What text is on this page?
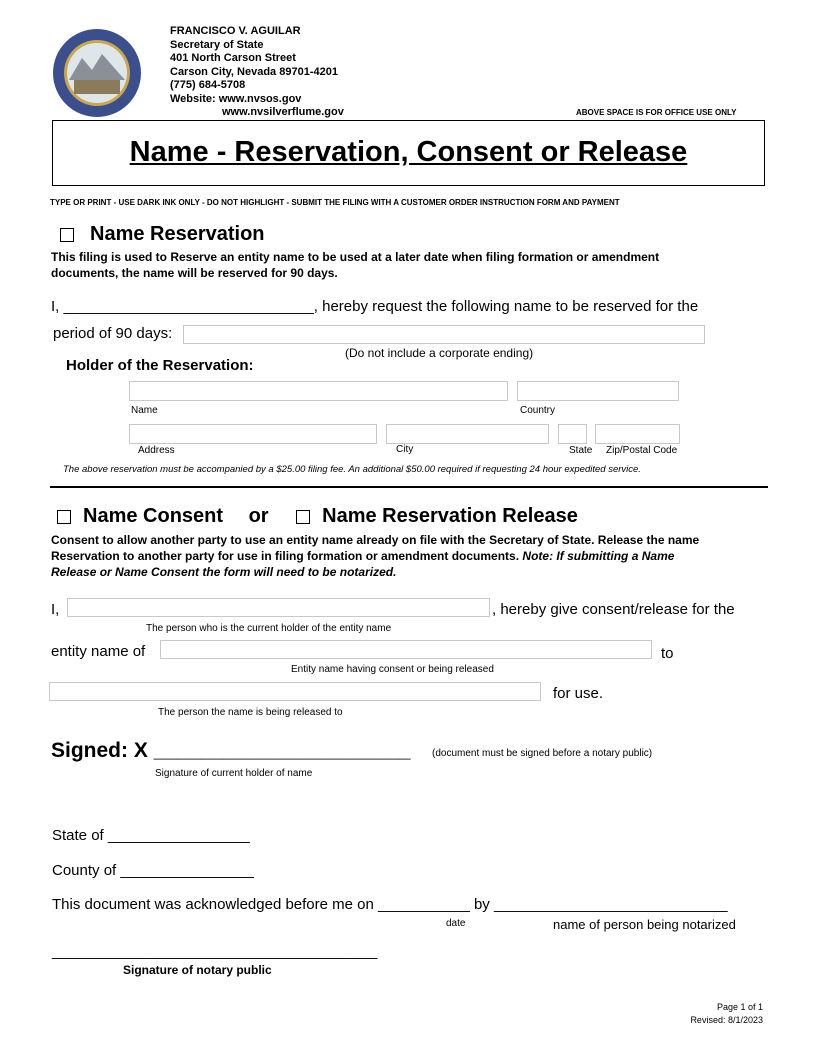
FRANCISCO V. AGUILAR
Secretary of State
401 North Carson Street
Carson City, Nevada 89701-4201
(775) 684-5708
Website: www.nvsos.gov
www.nvsilverflume.gov	ABOVE SPACE IS FOR OFFICE USE ONLY
Name - Reservation, Consent or Release
TYPE OR PRINT - USE DARK INK ONLY - DO NOT HIGHLIGHT - SUBMIT THE FILING WITH A CUSTOMER ORDER INSTRUCTION FORM AND PAYMENT
Name Reservation
This filing is used to Reserve an entity name to be used at a later date when filing formation or amendment
documents, the name will be reserved for 90 days.
I, ______________________________, hereby request the following name to be reserved for the
period of 90 days:
(Do not include a corporate ending)
Holder of the Reservation:
Name	Country
Address	City	State Zip/Postal Code
The above reservation must be accompanied by a $25.00 filing fee. An additional $50.00 required if requesting 24 hour expedited service.
Name Consent or	Name Reservation Release
Consent to allow another party to use an entity name already on file with the Secretary of State. Release the name
Reservation to another party for use in filing formation or amendment documents. Note: If submitting a Name
Release or Name Consent the form will need to be notarized.
I,	, hereby give consent/release for the
The person who is the current holder of the entity name
entity name of	to
Entity name having consent or being released
for use.
The person the name is being released to
Signed: X ______________________ (document must be signed before a notary public)
Signature of current holder of name
State of _________________
County of ________________
This document was acknowledged before me on ___________ by ____________________________
date	name of person being notarized
_______________________________________
Signature of notary public
Page 1 of 1
Revised: 8/1/2023
